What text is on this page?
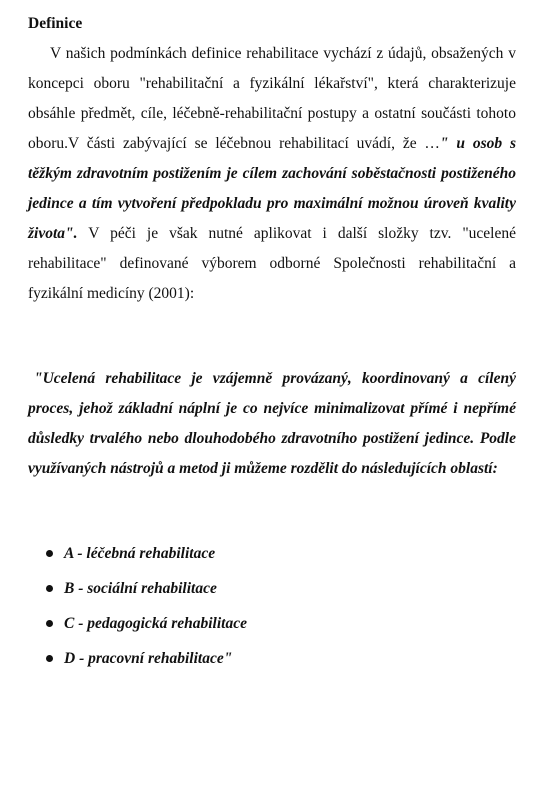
Definice

V našich podmínkách definice rehabilitace vychází z údajů, obsažených v koncepci oboru "rehabilitační a fyzikální lékařství", která charakterizuje obsáhle předmět, cíle, léčebně-rehabilitační postupy a ostatní součásti tohoto oboru.V části zabývající se léčebnou rehabilitací uvádí, že …" u osob s těžkým zdravotním postižením je cílem zachování soběstačnosti postiženého jedince a tím vytvoření předpokladu pro maximální možnou úroveň kvality života". V péči je však nutné aplikovat i další složky tzv. "ucelené rehabilitace" definované výborem odborné Společnosti rehabilitační a fyzikální medicíny (2001):

"Ucelená rehabilitace je vzájemně provázaný, koordinovaný a cílený proces, jehož základní náplní je co nejvíce minimalizovat přímé i nepřímé důsledky trvalého nebo dlouhodobého zdravotního postižení jedince. Podle využívaných nástrojů a metod ji můžeme rozdělit do následujících oblastí:

A - léčebná rehabilitace
B - sociální rehabilitace
C - pedagogická rehabilitace
D - pracovní rehabilitace"
